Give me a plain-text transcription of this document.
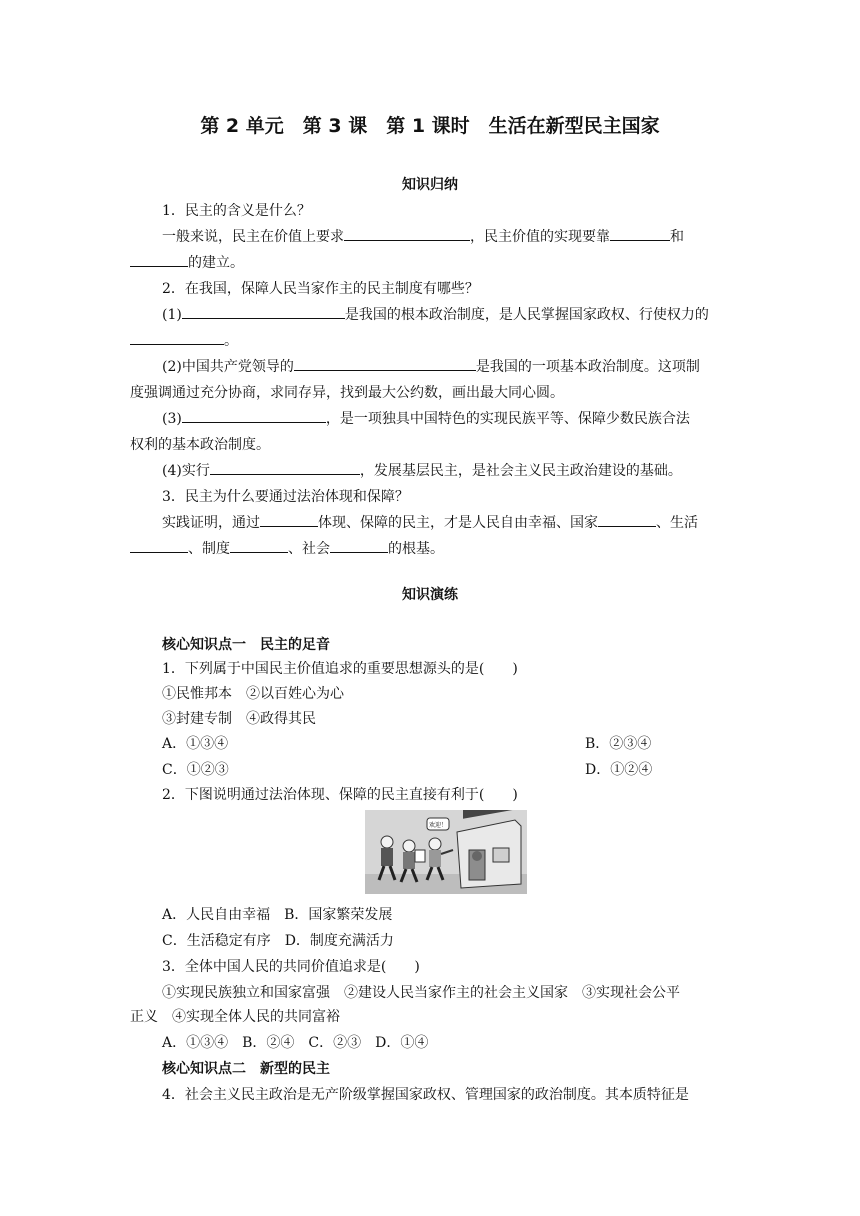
第 2 单元　第 3 课　第 1 课时　生活在新型民主国家
知识归纳
1．民主的含义是什么？
一般来说，民主在价值上要求	，民主价值的实现要靠	和
的建立。
2．在我国，保障人民当家作主的民主制度有哪些？
(1)	是我国的根本政治制度，是人民掌握国家政权、行使权力的
。
(2)中国共产党领导的	是我国的一项基本政治制度。这项制
度强调通过充分协商，求同存异，找到最大公约数，画出最大同心圆。
(3)	，是一项独具中国特色的实现民族平等、保障少数民族合法
权利的基本政治制度。
(4)实行	，发展基层民主，是社会主义民主政治建设的基础。
3．民主为什么要通过法治体现和保障？
实践证明，通过	体现、保障的民主，才是人民自由幸福、国家	、生活
、制度	、社会	的根基。
知识演练
核心知识点一　民主的足音
1．下列属于中国民主价值追求的重要思想源头的是(　　)
①民惟邦本　②以百姓心为心
③封建专制　④政得其民
A．①③④	B．②③④
C．①②③	D．①②④
2．下图说明通过法治体现、保障的民主直接有利于(　　)
欢迎！
A．人民自由幸福　B．国家繁荣发展
C．生活稳定有序　D．制度充满活力
3．全体中国人民的共同价值追求是(　　)
①实现民族独立和国家富强　②建设人民当家作主的社会主义国家　③实现社会公平
正义　④实现全体人民的共同富裕
A．①③④　B．②④　C．②③　D．①④
核心知识点二　新型的民主
4．社会主义民主政治是无产阶级掌握国家政权、管理国家的政治制度。其本质特征是
